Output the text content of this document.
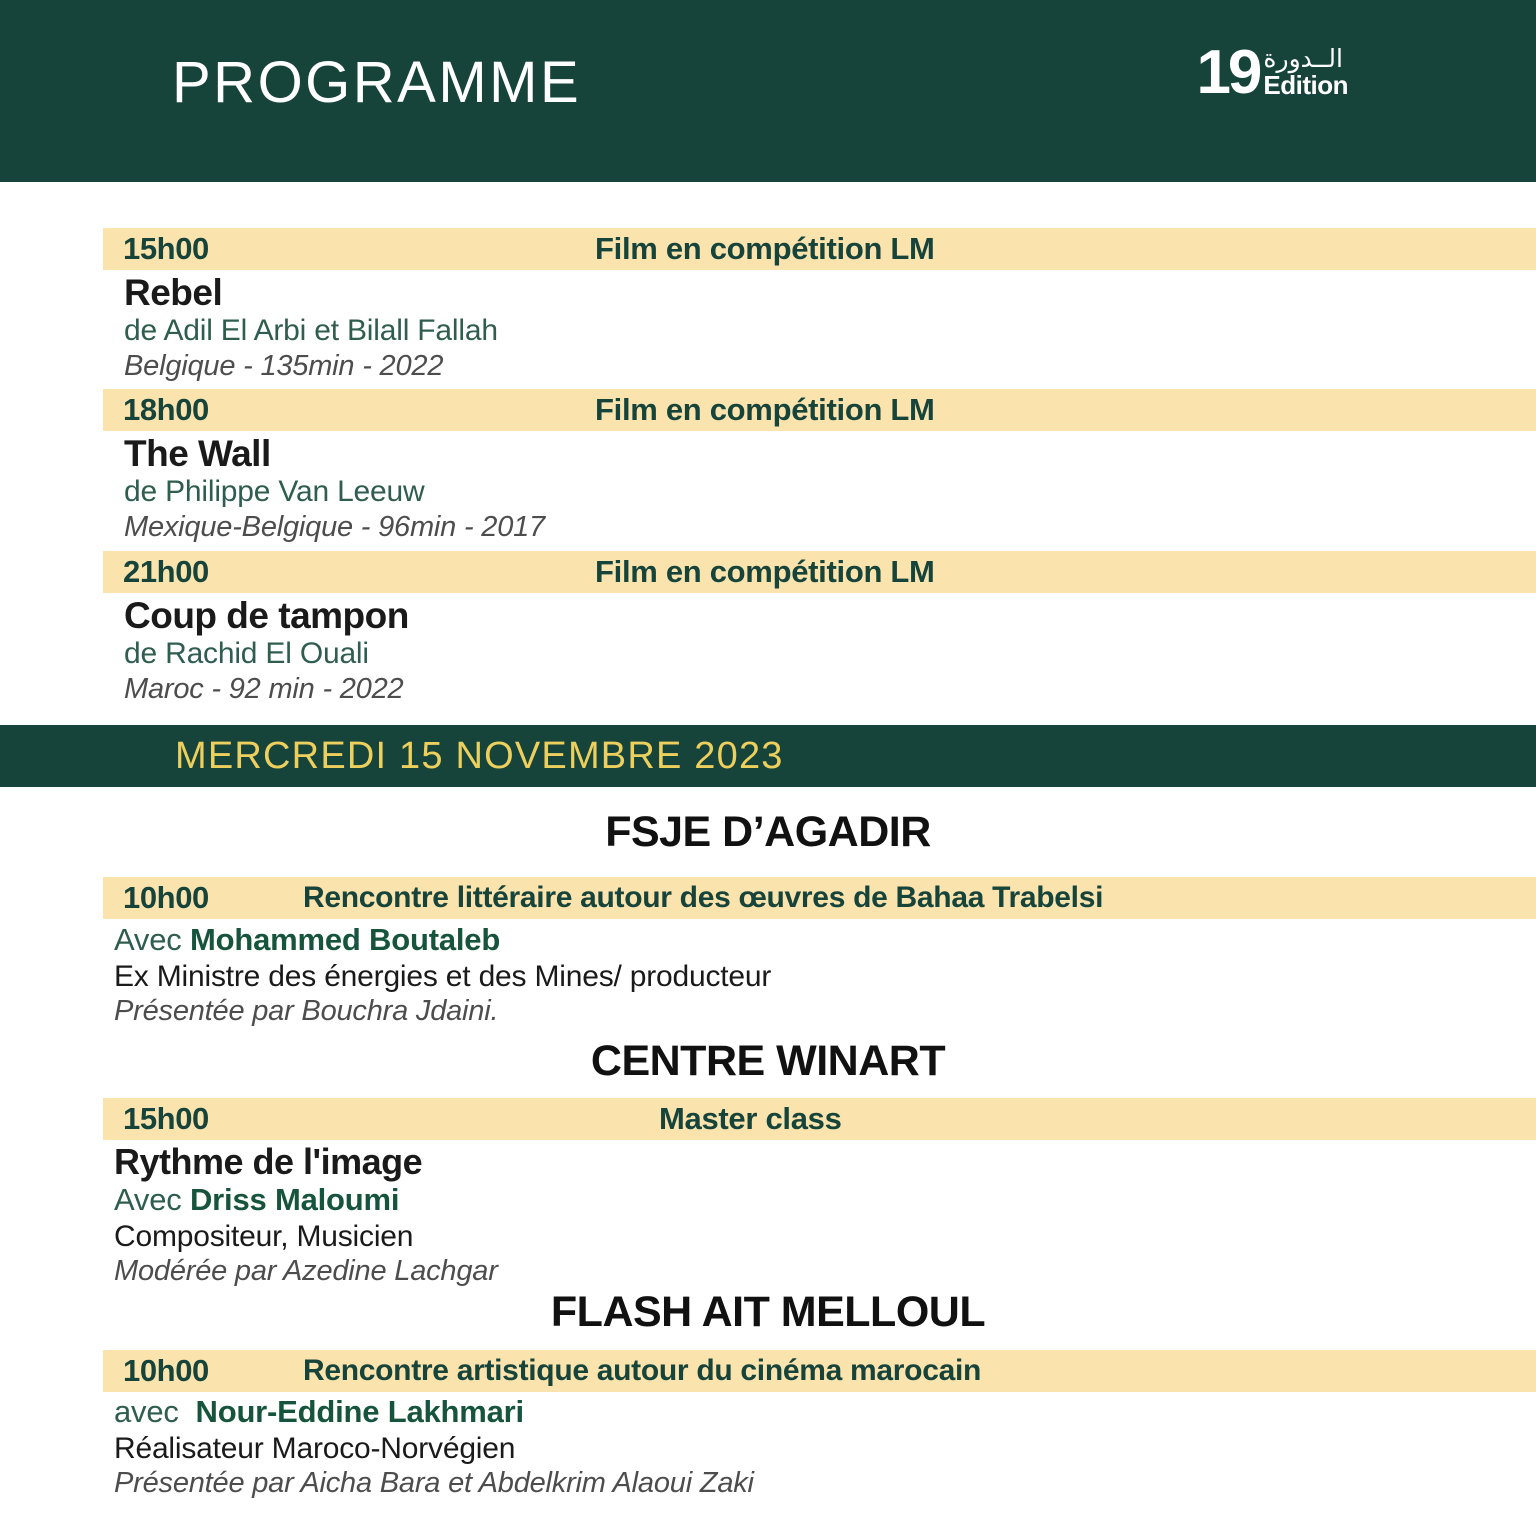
PROGRAMME	19 الــدورة
Edition
15h00	Film en compétition LM
Rebel
de Adil El Arbi et Bilall Fallah
Belgique - 135min - 2022
18h00	Film en compétition LM
The Wall
de Philippe Van Leeuw
Mexique-Belgique - 96min - 2017
21h00	Film en compétition LM
Coup de tampon
de Rachid El Ouali
Maroc - 92 min - 2022
MERCREDI 15 NOVEMBRE 2023
FSJE D’AGADIR
10h00	Rencontre littéraire autour des œuvres de Bahaa Trabelsi
Avec Mohammed Boutaleb
Ex Ministre des énergies et des Mines/ producteur
Présentée par Bouchra Jdaini.
CENTRE WINART
15h00	Master class
Rythme de l'image
Avec Driss Maloumi
Compositeur, Musicien
Modérée par Azedine Lachgar
FLASH AIT MELLOUL
10h00	Rencontre artistique autour du cinéma marocain
avec  Nour-Eddine Lakhmari
Réalisateur Maroco-Norvégien
Présentée par Aicha Bara et Abdelkrim Alaoui Zaki
